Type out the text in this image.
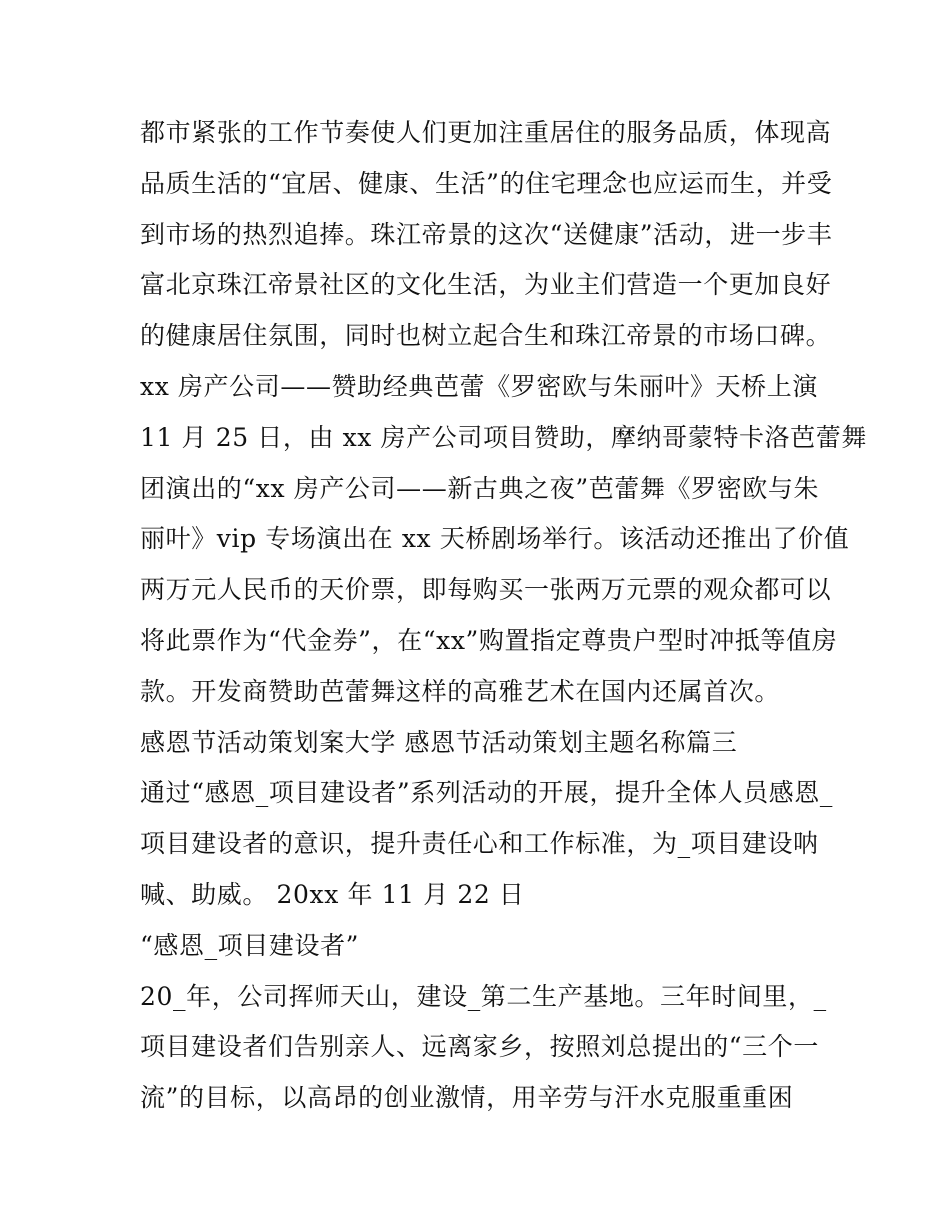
都市紧张的工作节奏使人们更加注重居住的服务品质，体现高
品质生活的“宜居、健康、生活”的住宅理念也应运而生，并受
到市场的热烈追捧。珠江帝景的这次“送健康”活动，进一步丰
富北京珠江帝景社区的文化生活，为业主们营造一个更加良好
的健康居住氛围，同时也树立起合生和珠江帝景的市场口碑。
xx 房产公司——赞助经典芭蕾《罗密欧与朱丽叶》天桥上演
11 月 25 日，由 xx 房产公司项目赞助，摩纳哥蒙特卡洛芭蕾舞
团演出的“xx 房产公司——新古典之夜”芭蕾舞《罗密欧与朱
丽叶》vip 专场演出在 xx 天桥剧场举行。该活动还推出了价值
两万元人民币的天价票，即每购买一张两万元票的观众都可以
将此票作为“代金券”，在“xx”购置指定尊贵户型时冲抵等值房
款。开发商赞助芭蕾舞这样的高雅艺术在国内还属首次。
感恩节活动策划案大学 感恩节活动策划主题名称篇三
通过“感恩_项目建设者”系列活动的开展，提升全体人员感恩_
项目建设者的意识，提升责任心和工作标准，为_项目建设呐
喊、助威。 20xx 年 11 月 22 日
“感恩_项目建设者”
20_年，公司挥师天山，建设_第二生产基地。三年时间里，_
项目建设者们告别亲人、远离家乡，按照刘总提出的“三个一
流”的目标，以高昂的创业激情，用辛劳与汗水克服重重困
